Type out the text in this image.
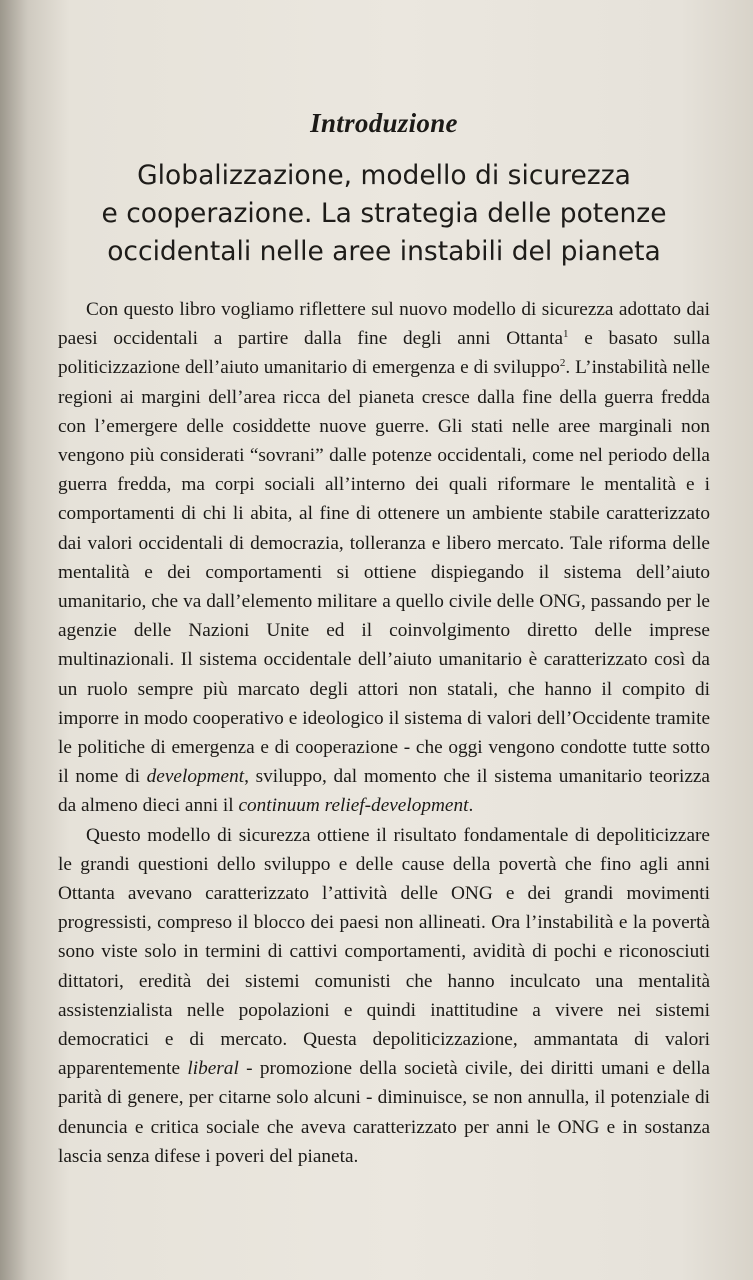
Introduzione
Globalizzazione, modello di sicurezza
e cooperazione. La strategia delle potenze
occidentali nelle aree instabili del pianeta

Con questo libro vogliamo riflettere sul nuovo modello di sicurezza adottato dai paesi occidentali a partire dalla fine degli anni Ottanta$^1$ e basato sulla politicizzazione dell’aiuto umanitario di emergenza e di sviluppo$^2$. L’instabilità nelle regioni ai margini dell’area ricca del pianeta cresce dalla fine della guerra fredda con l’emergere delle cosiddette nuove guerre. Gli stati nelle aree marginali non vengono più considerati “sovrani” dalle potenze occidentali, come nel periodo della guerra fredda, ma corpi sociali all’interno dei quali riformare le mentalità e i comportamenti di chi li abita, al fine di ottenere un ambiente stabile caratterizzato dai valori occidentali di democrazia, tolleranza e libero mercato. Tale riforma delle mentalità e dei comportamenti si ottiene dispiegando il sistema dell’aiuto umanitario, che va dall’elemento militare a quello civile delle ONG, passando per le agenzie delle Nazioni Unite ed il coinvolgimento diretto delle imprese multinazionali. Il sistema occidentale dell’aiuto umanitario è caratterizzato così da un ruolo sempre più marcato degli attori non statali, che hanno il compito di imporre in modo cooperativo e ideologico il sistema di valori dell’Occidente tramite le politiche di emergenza e di cooperazione - che oggi vengono condotte tutte sotto il nome di development, sviluppo, dal momento che il sistema umanitario teorizza da almeno dieci anni il continuum relief-development.

Questo modello di sicurezza ottiene il risultato fondamentale di depoliticizzare le grandi questioni dello sviluppo e delle cause della povertà che fino agli anni Ottanta avevano caratterizzato l’attività delle ONG e dei grandi movimenti progressisti, compreso il blocco dei paesi non allineati. Ora l’instabilità e la povertà sono viste solo in termini di cattivi comportamenti, avidità di pochi e riconosciuti dittatori, eredità dei sistemi comunisti che hanno inculcato una mentalità assistenzialista nelle popolazioni e quindi inattitudine a vivere nei sistemi democratici e di mercato. Questa depoliticizzazione, ammantata di valori apparentemente liberal - promozione della società civile, dei diritti umani e della parità di genere, per citarne solo alcuni - diminuisce, se non annulla, il potenziale di denuncia e critica sociale che aveva caratterizzato per anni le ONG e in sostanza lascia senza difese i poveri del pianeta.
